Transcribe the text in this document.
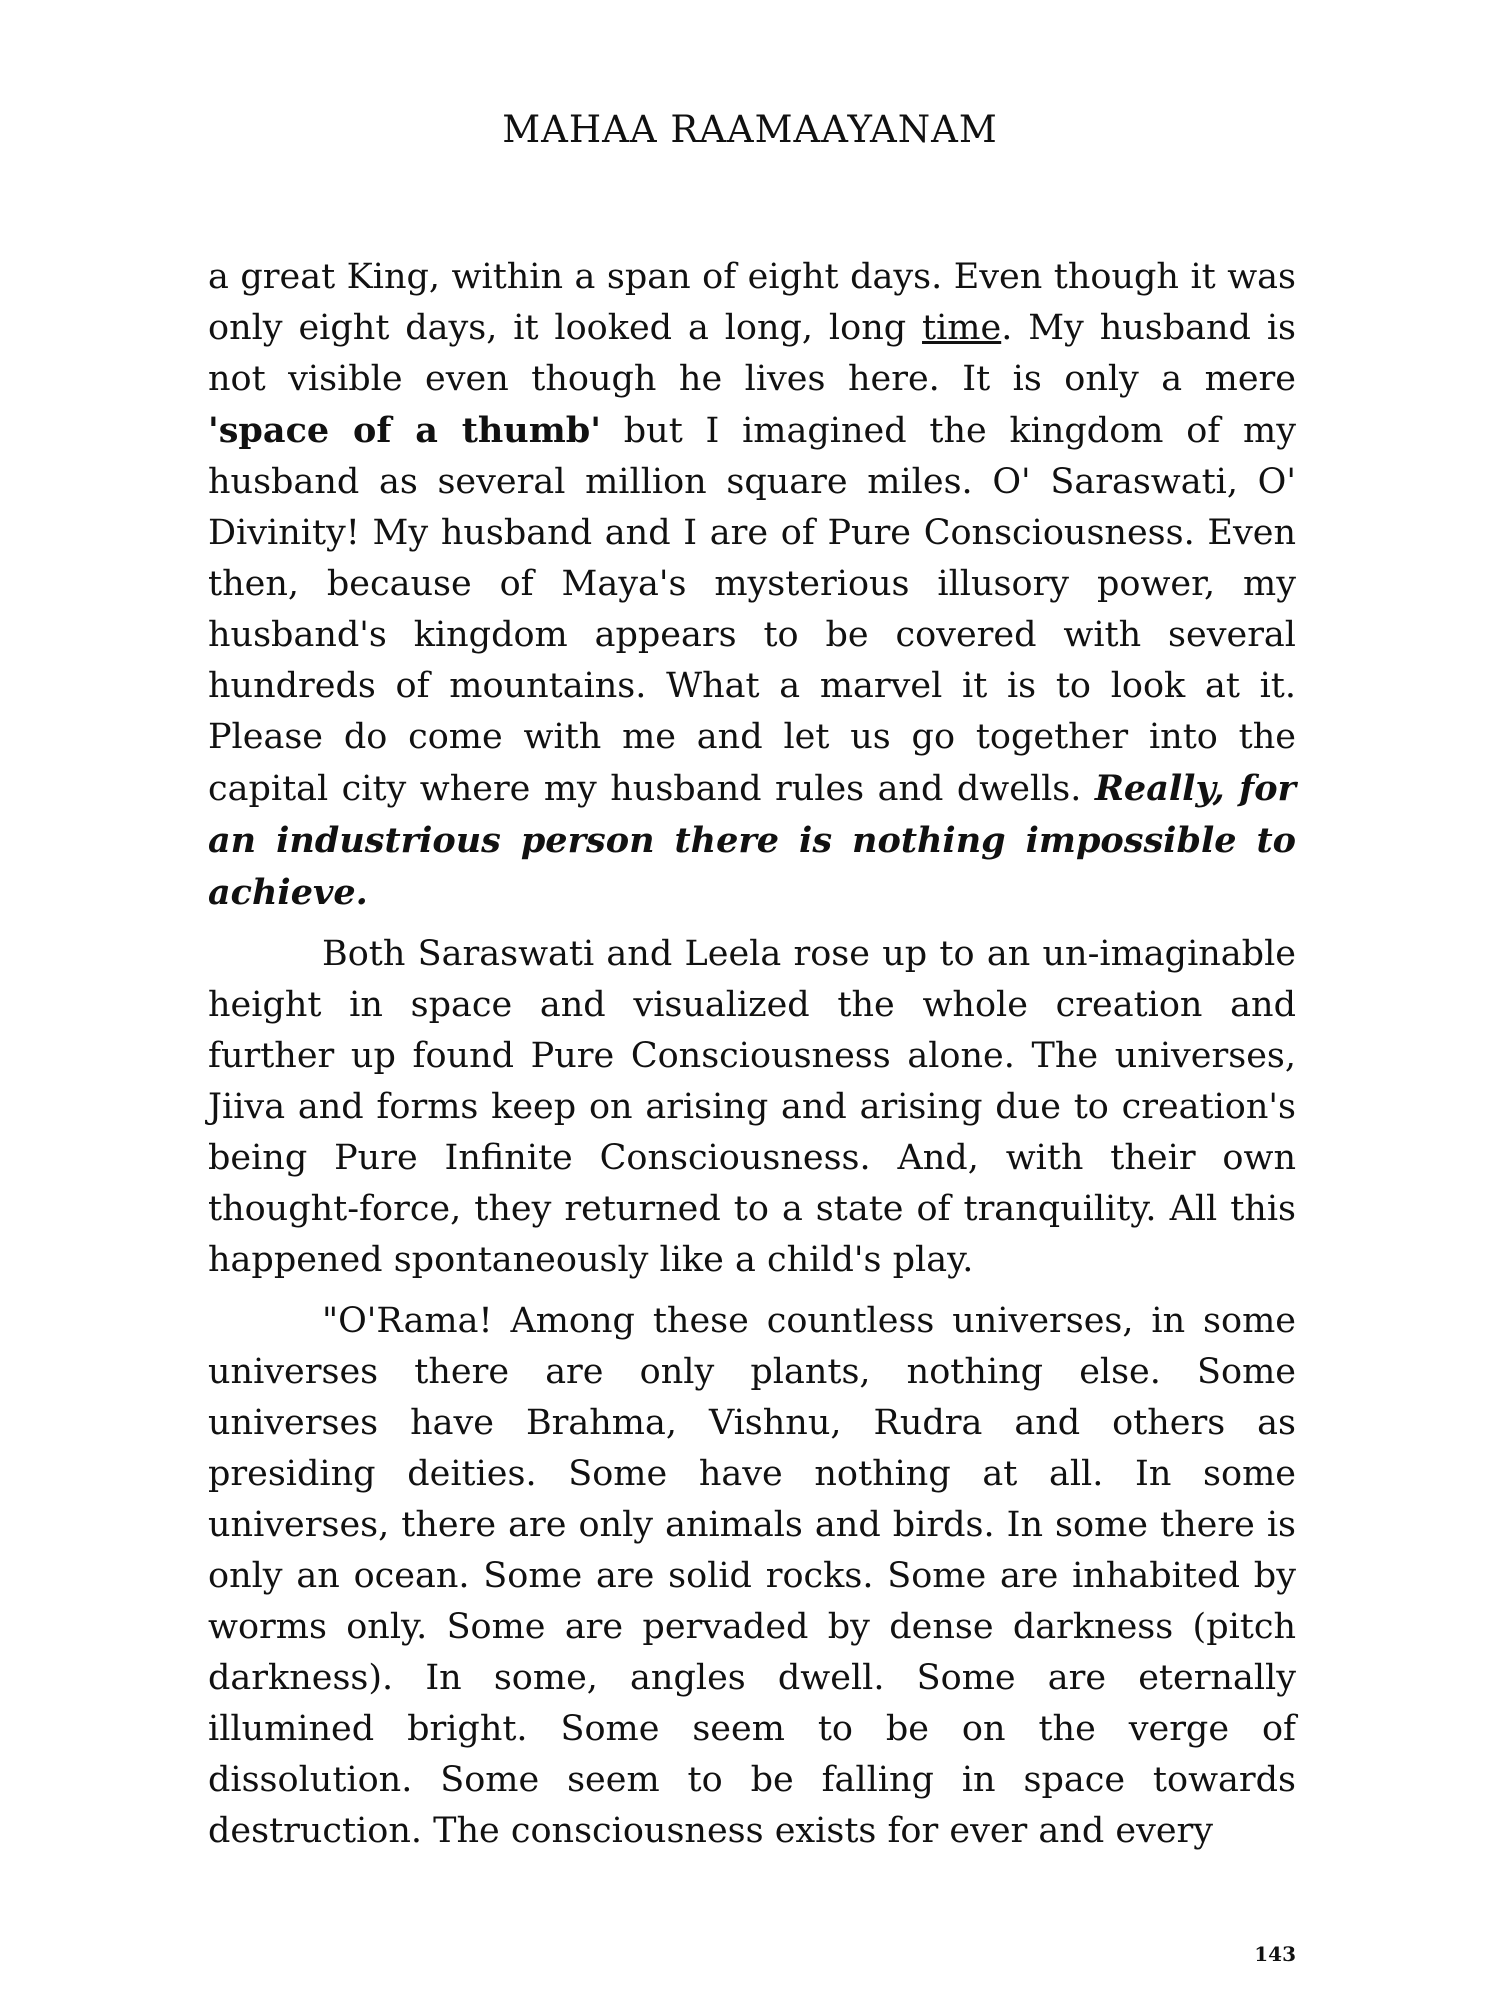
MAHAA RAAMAAYANAM

a great King, within a span of eight days. Even though it was only eight days, it looked a long, long time. My husband is not visible even though he lives here. It is only a mere 'space of a thumb' but I imagined the kingdom of my husband as several million square miles. O' Saraswati, O' Divinity! My husband and I are of Pure Consciousness. Even then, because of Maya's mysterious illusory power, my husband's kingdom appears to be covered with several hundreds of mountains. What a marvel it is to look at it. Please do come with me and let us go together into the capital city where my husband rules and dwells. Really, for an industrious person there is nothing impossible to achieve.

Both Saraswati and Leela rose up to an un-imaginable height in space and visualized the whole creation and further up found Pure Consciousness alone. The universes, Jiiva and forms keep on arising and arising due to creation's being Pure Infinite Consciousness. And, with their own thought-force, they returned to a state of tranquility. All this happened spontaneously like a child's play.

"O'Rama! Among these countless universes, in some universes there are only plants, nothing else. Some universes have Brahma, Vishnu, Rudra and others as presiding deities. Some have nothing at all. In some universes, there are only animals and birds. In some there is only an ocean. Some are solid rocks. Some are inhabited by worms only. Some are pervaded by dense darkness (pitch darkness). In some, angles dwell. Some are eternally illumined bright. Some seem to be on the verge of dissolution. Some seem to be falling in space towards destruction. The consciousness exists for ever and every

143
